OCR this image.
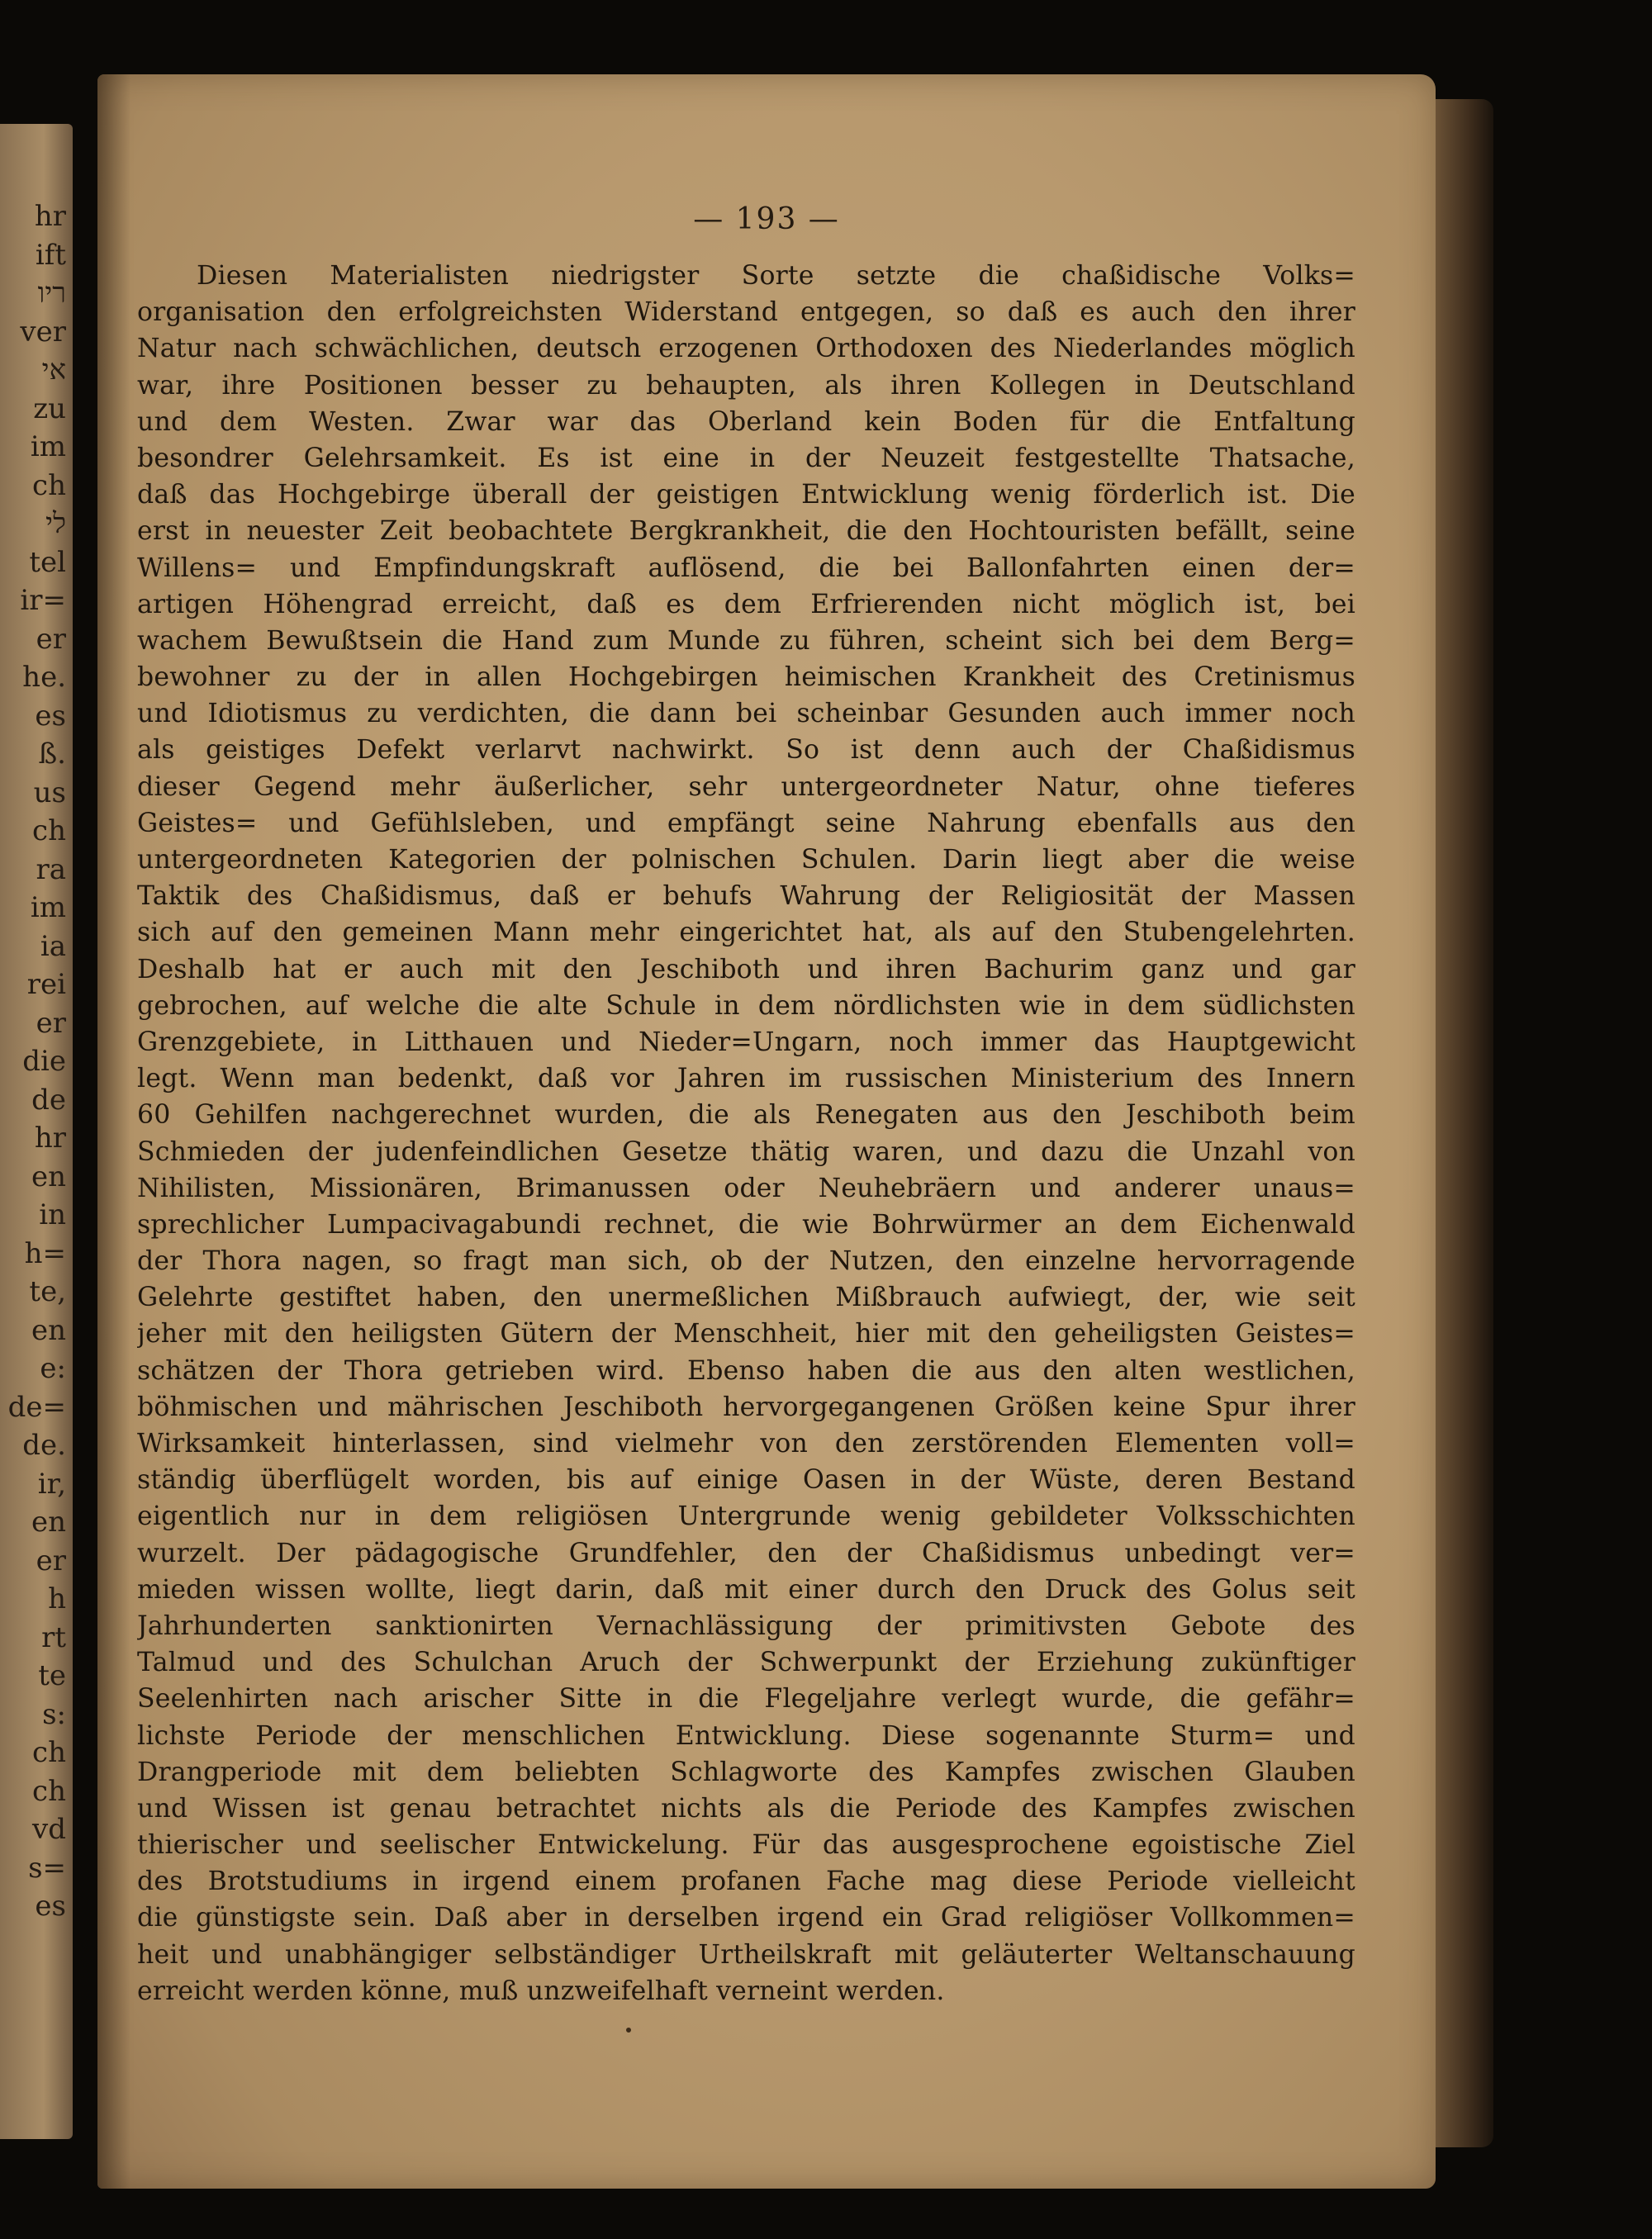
hr
ift
ריו
ver
אי
zu
im
ch
לי
tel
ir=
er
he.
es
ß.
us
ch
ra
im
ia
rei
er
die
de
hr
en
in
h=
te,
en
e:
de=
de.
ir,
en
er
h
rt
te
s:
ch
ch
vd
s=
es
— 193 —
Diesen Materialisten niedrigster Sorte setzte die chaßidische Volks=
organisation den erfolgreichsten Widerstand entgegen, so daß es auch den ihrer
Natur nach schwächlichen, deutsch erzogenen Orthodoxen des Niederlandes möglich
war, ihre Positionen besser zu behaupten, als ihren Kollegen in Deutschland
und dem Westen. Zwar war das Oberland kein Boden für die Entfaltung
besondrer Gelehrsamkeit. Es ist eine in der Neuzeit festgestellte Thatsache,
daß das Hochgebirge überall der geistigen Entwicklung wenig förderlich ist. Die
erst in neuester Zeit beobachtete Bergkrankheit, die den Hochtouristen befällt, seine
Willens= und Empfindungskraft auflösend, die bei Ballonfahrten einen der=
artigen Höhengrad erreicht, daß es dem Erfrierenden nicht möglich ist, bei
wachem Bewußtsein die Hand zum Munde zu führen, scheint sich bei dem Berg=
bewohner zu der in allen Hochgebirgen heimischen Krankheit des Cretinismus
und Idiotismus zu verdichten, die dann bei scheinbar Gesunden auch immer noch
als geistiges Defekt verlarvt nachwirkt. So ist denn auch der Chaßidismus
dieser Gegend mehr äußerlicher, sehr untergeordneter Natur, ohne tieferes
Geistes= und Gefühlsleben, und empfängt seine Nahrung ebenfalls aus den
untergeordneten Kategorien der polnischen Schulen. Darin liegt aber die weise
Taktik des Chaßidismus, daß er behufs Wahrung der Religiosität der Massen
sich auf den gemeinen Mann mehr eingerichtet hat, als auf den Stubengelehrten.
Deshalb hat er auch mit den Jeschiboth und ihren Bachurim ganz und gar
gebrochen, auf welche die alte Schule in dem nördlichsten wie in dem südlichsten
Grenzgebiete, in Litthauen und Nieder=Ungarn, noch immer das Hauptgewicht
legt. Wenn man bedenkt, daß vor Jahren im russischen Ministerium des Innern
60 Gehilfen nachgerechnet wurden, die als Renegaten aus den Jeschiboth beim
Schmieden der judenfeindlichen Gesetze thätig waren, und dazu die Unzahl von
Nihilisten, Missionären, Brimanussen oder Neuhebräern und anderer unaus=
sprechlicher Lumpacivagabundi rechnet, die wie Bohrwürmer an dem Eichenwald
der Thora nagen, so fragt man sich, ob der Nutzen, den einzelne hervorragende
Gelehrte gestiftet haben, den unermeßlichen Mißbrauch aufwiegt, der, wie seit
jeher mit den heiligsten Gütern der Menschheit, hier mit den geheiligsten Geistes=
schätzen der Thora getrieben wird. Ebenso haben die aus den alten westlichen,
böhmischen und mährischen Jeschiboth hervorgegangenen Größen keine Spur ihrer
Wirksamkeit hinterlassen, sind vielmehr von den zerstörenden Elementen voll=
ständig überflügelt worden, bis auf einige Oasen in der Wüste, deren Bestand
eigentlich nur in dem religiösen Untergrunde wenig gebildeter Volksschichten
wurzelt. Der pädagogische Grundfehler, den der Chaßidismus unbedingt ver=
mieden wissen wollte, liegt darin, daß mit einer durch den Druck des Golus seit
Jahrhunderten sanktionirten Vernachlässigung der primitivsten Gebote des
Talmud und des Schulchan Aruch der Schwerpunkt der Erziehung zukünftiger
Seelenhirten nach arischer Sitte in die Flegeljahre verlegt wurde, die gefähr=
lichste Periode der menschlichen Entwicklung. Diese sogenannte Sturm= und
Drangperiode mit dem beliebten Schlagworte des Kampfes zwischen Glauben
und Wissen ist genau betrachtet nichts als die Periode des Kampfes zwischen
thierischer und seelischer Entwickelung. Für das ausgesprochene egoistische Ziel
des Brotstudiums in irgend einem profanen Fache mag diese Periode vielleicht
die günstigste sein. Daß aber in derselben irgend ein Grad religiöser Vollkommen=
heit und unabhängiger selbständiger Urtheilskraft mit geläuterter Weltanschauung
erreicht werden könne, muß unzweifelhaft verneint werden.
